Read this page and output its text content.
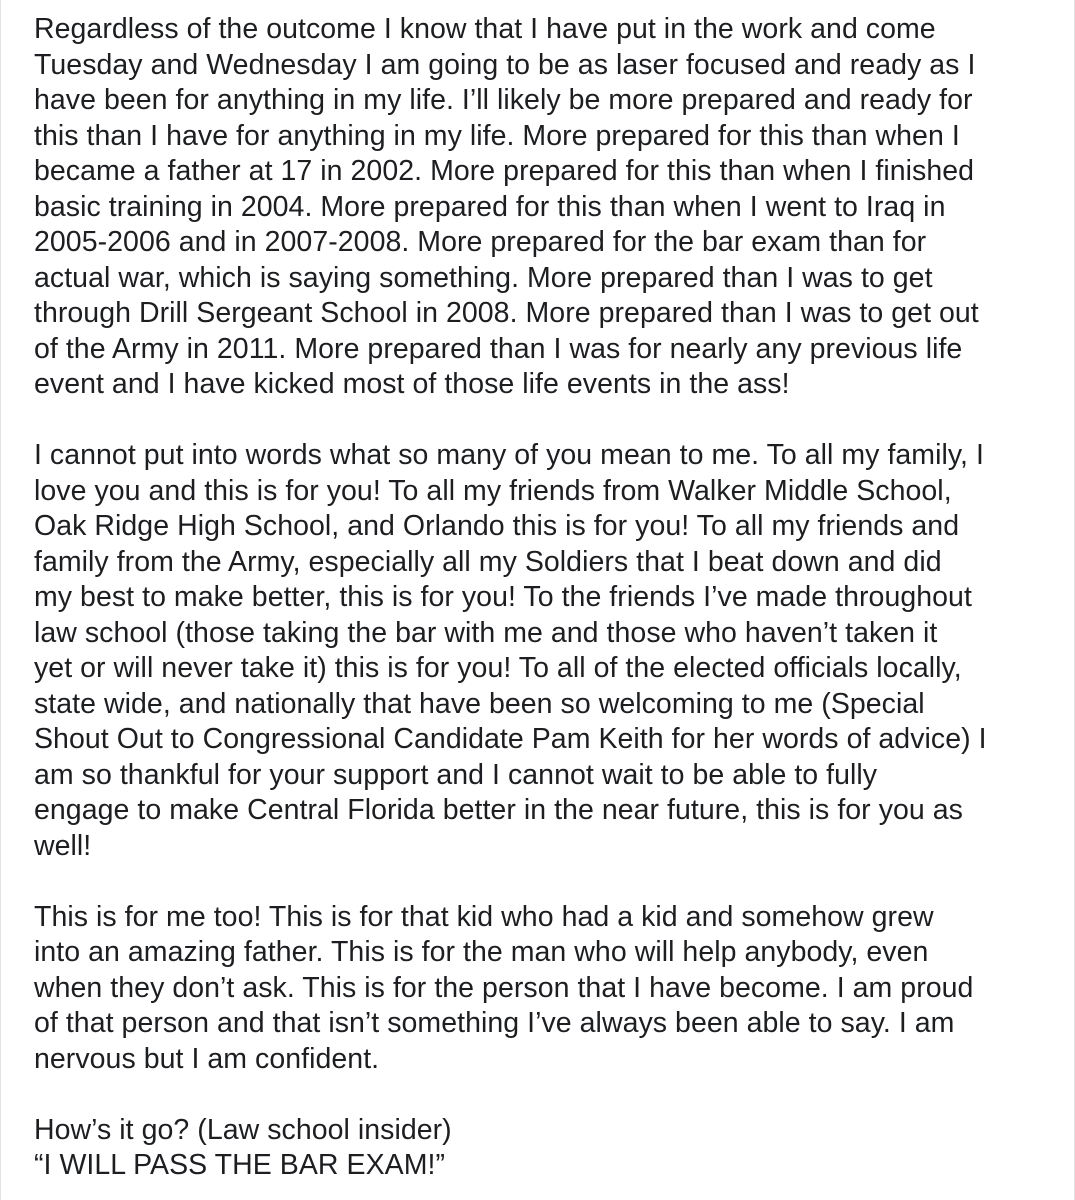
Regardless of the outcome I know that I have put in the work and come
Tuesday and Wednesday I am going to be as laser focused and ready as I
have been for anything in my life. I’ll likely be more prepared and ready for
this than I have for anything in my life. More prepared for this than when I
became a father at 17 in 2002. More prepared for this than when I finished
basic training in 2004. More prepared for this than when I went to Iraq in
2005-2006 and in 2007-2008. More prepared for the bar exam than for
actual war, which is saying something. More prepared than I was to get
through Drill Sergeant School in 2008. More prepared than I was to get out
of the Army in 2011. More prepared than I was for nearly any previous life
event and I have kicked most of those life events in the ass!
I cannot put into words what so many of you mean to me. To all my family, I
love you and this is for you! To all my friends from Walker Middle School,
Oak Ridge High School, and Orlando this is for you! To all my friends and
family from the Army, especially all my Soldiers that I beat down and did
my best to make better, this is for you! To the friends I’ve made throughout
law school (those taking the bar with me and those who haven’t taken it
yet or will never take it) this is for you! To all of the elected officials locally,
state wide, and nationally that have been so welcoming to me (Special
Shout Out to Congressional Candidate Pam Keith for her words of advice) I
am so thankful for your support and I cannot wait to be able to fully
engage to make Central Florida better in the near future, this is for you as
well!
This is for me too! This is for that kid who had a kid and somehow grew
into an amazing father. This is for the man who will help anybody, even
when they don’t ask. This is for the person that I have become. I am proud
of that person and that isn’t something I’ve always been able to say. I am
nervous but I am confident.
How’s it go? (Law school insider)
“I WILL PASS THE BAR EXAM!”
